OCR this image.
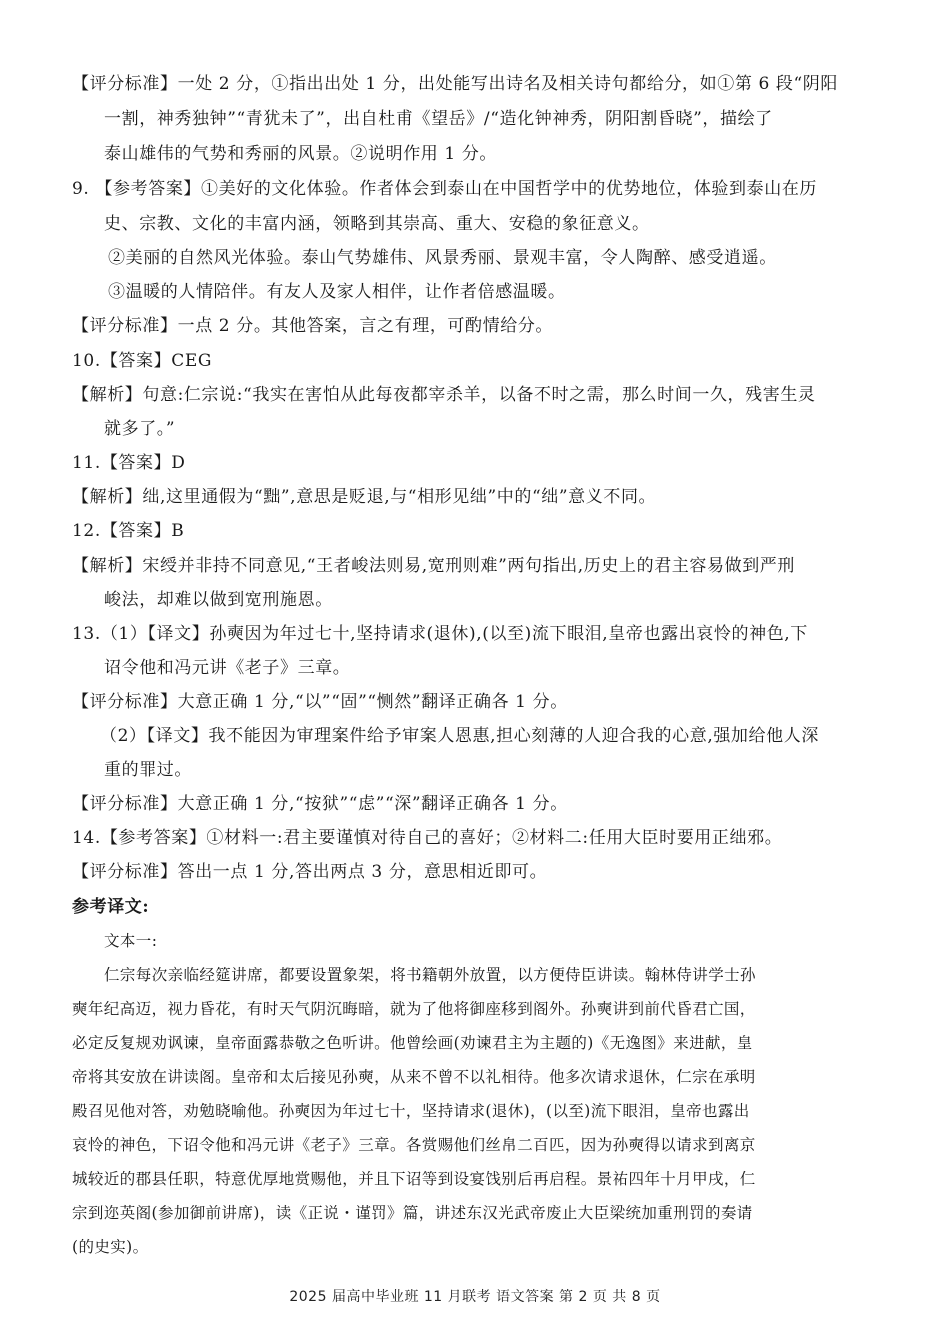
【评分标准】一处 2 分，①指出出处 1 分，出处能写出诗名及相关诗句都给分，如①第 6 段“阴阳
一割，神秀独钟”“青犹未了”，出自杜甫《望岳》/“造化钟神秀，阴阳割昏晓”，描绘了
泰山雄伟的气势和秀丽的风景。②说明作用 1 分。
9. 【参考答案】①美好的文化体验。作者体会到泰山在中国哲学中的优势地位，体验到泰山在历
史、宗教、文化的丰富内涵，领略到其崇高、重大、安稳的象征意义。
②美丽的自然风光体验。泰山气势雄伟、风景秀丽、景观丰富，令人陶醉、感受逍遥。
③温暖的人情陪伴。有友人及家人相伴，让作者倍感温暖。
【评分标准】一点 2 分。其他答案，言之有理，可酌情给分。
10.【答案】CEG
【解析】句意:仁宗说:“我实在害怕从此每夜都宰杀羊，以备不时之需，那么时间一久，残害生灵
就多了。”
11.【答案】D
【解析】绌,这里通假为“黜”,意思是贬退,与“相形见绌”中的“绌”意义不同。
12.【答案】B
【解析】宋绶并非持不同意见,“王者峻法则易,宽刑则难”两句指出,历史上的君主容易做到严刑
峻法，却难以做到宽刑施恩。
13.（1）【译文】孙奭因为年过七十,坚持请求(退休),(以至)流下眼泪,皇帝也露出哀怜的神色,下
诏令他和冯元讲《老子》三章。
【评分标准】大意正确 1 分,“以”“固”“恻然”翻译正确各 1 分。
（2）【译文】我不能因为审理案件给予审案人恩惠,担心刻薄的人迎合我的心意,强加给他人深
重的罪过。
【评分标准】大意正确 1 分,“按狱”“虑”“深”翻译正确各 1 分。
14.【参考答案】①材料一:君主要谨慎对待自己的喜好；②材料二:任用大臣时要用正绌邪。
【评分标准】答出一点 1 分,答出两点 3 分，意思相近即可。
参考译文:
文本一:
仁宗每次亲临经筵讲席，都要设置象架，将书籍朝外放置，以方便侍臣讲读。翰林侍讲学士孙
奭年纪高迈，视力昏花，有时天气阴沉晦暗，就为了他将御座移到阁外。孙奭讲到前代昏君亡国，
必定反复规劝讽谏，皇帝面露恭敬之色听讲。他曾绘画(劝谏君主为主题的)《无逸图》来进献，皇
帝将其安放在讲读阁。皇帝和太后接见孙奭，从来不曾不以礼相待。他多次请求退休，仁宗在承明
殿召见他对答，劝勉晓喻他。孙奭因为年过七十，坚持请求(退休)，(以至)流下眼泪，皇帝也露出
哀怜的神色，下诏令他和冯元讲《老子》三章。各赏赐他们丝帛二百匹，因为孙奭得以请求到离京
城较近的郡县任职，特意优厚地赏赐他，并且下诏等到设宴饯别后再启程。景祐四年十月甲戌，仁
宗到迩英阁(参加御前讲席)，读《正说・谨罚》篇，讲述东汉光武帝废止大臣梁统加重刑罚的奏请
(的史实)。
2025 届高中毕业班 11 月联考 语文答案 第 2 页 共 8 页
